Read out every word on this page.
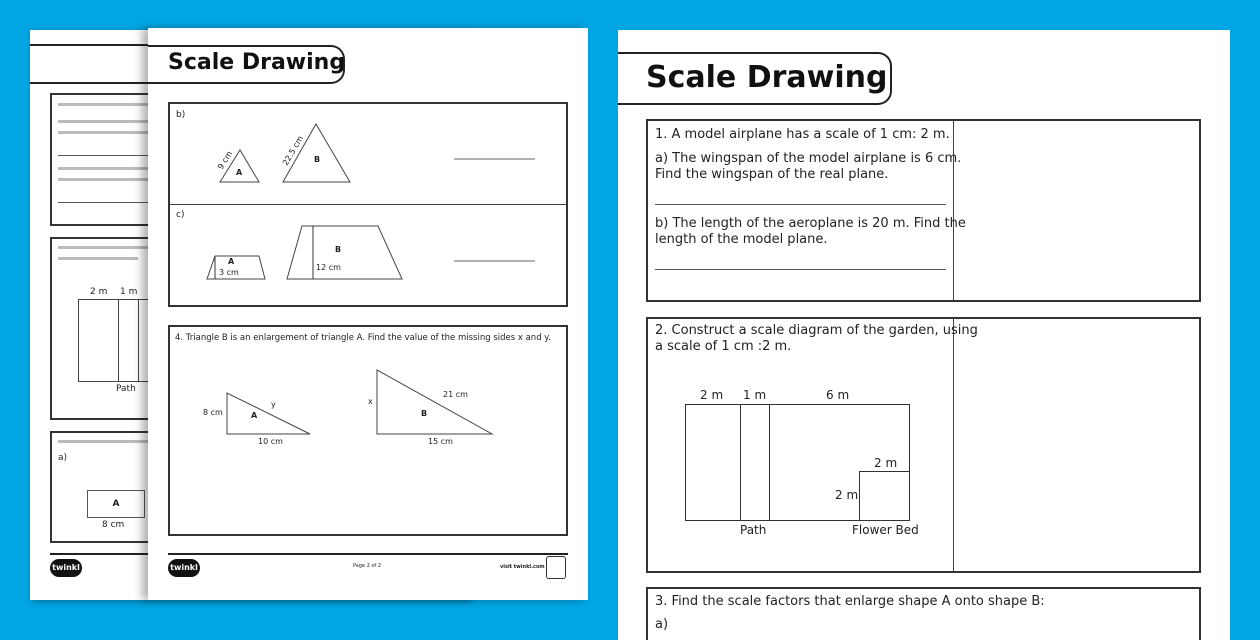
2 m 1 m
Path
a)
A
8 cm
twinkl
Scale Drawing
b)
c)
A
B
9 cm	22.5 cm
A
3 cm
B
12 cm
4. Triangle B is an enlargement of triangle A. Find the value of the missing sides x and y.
8 cm
y
A
10 cm
x
21 cm
B
15 cm
twinkl	Page 2 of 2	visit twinkl.com
Scale Drawing
1. A model airplane has a scale of 1 cm: 2 m.
a) The wingspan of the model airplane is 6 cm.
Find the wingspan of the real plane.
b) The length of the aeroplane is 20 m. Find the
length of the model plane.
2. Construct a scale diagram of the garden, using
a scale of 1 cm :2 m.
2 m 1 m	6 m
2 m
2 m
Path	Flower Bed
3. Find the scale factors that enlarge shape A onto shape B:
a)
